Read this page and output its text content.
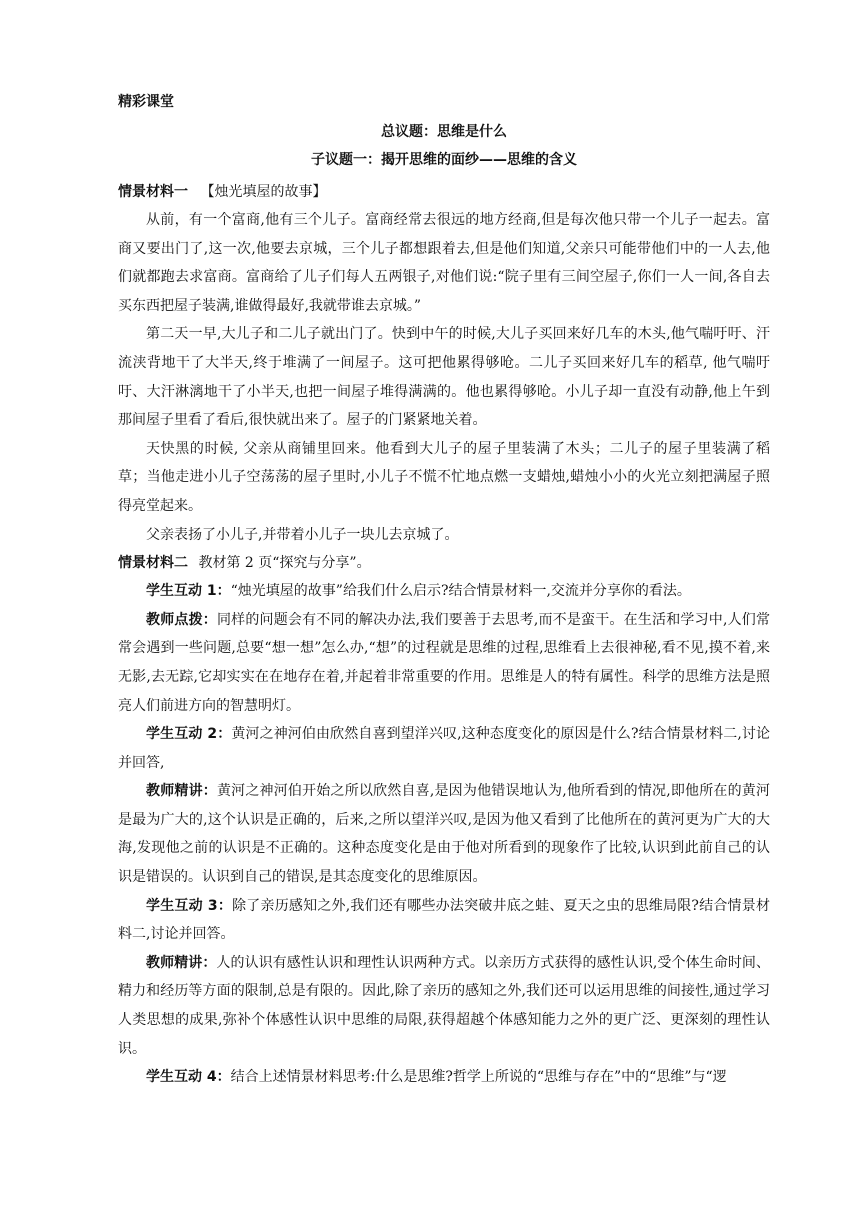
精彩课堂
总议题：思维是什么
子议题一：揭开思维的面纱——思维的含义
情景材料一 【烛光填屋的故事】

从前，有一个富商,他有三个儿子。富商经常去很远的地方经商,但是每次他只带一个儿子一起去。富商又要出门了,这一次,他要去京城，三个儿子都想跟着去,但是他们知道,父亲只可能带他们中的一人去,他们就都跑去求富商。富商给了儿子们每人五两银子,对他们说:“院子里有三间空屋子,你们一人一间,各自去买东西把屋子装满,谁做得最好,我就带谁去京城。”

第二天一早,大儿子和二儿子就出门了。快到中午的时候,大儿子买回来好几车的木头,他气喘吁吁、汗流浃背地干了大半天,终于堆满了一间屋子。这可把他累得够呛。二儿子买回来好几车的稻草, 他气喘吁吁、大汗淋漓地干了小半天,也把一间屋子堆得满满的。他也累得够呛。小儿子却一直没有动静,他上午到那间屋子里看了看后,很快就出来了。屋子的门紧紧地关着。

天快黑的时候, 父亲从商铺里回来。他看到大儿子的屋子里装满了木头；二儿子的屋子里装满了稻草；当他走进小儿子空荡荡的屋子里时,小儿子不慌不忙地点燃一支蜡烛,蜡烛小小的火光立刻把满屋子照得亮堂起来。

父亲表扬了小儿子,并带着小儿子一块儿去京城了。

情景材料二 教材第 2 页“探究与分享”。

学生互动 1：“烛光填屋的故事”给我们什么启示?结合情景材料一,交流并分享你的看法。

教师点拨：同样的问题会有不同的解决办法,我们要善于去思考,而不是蛮干。在生活和学习中,人们常常会遇到一些问题,总要“想一想”怎么办,“想”的过程就是思维的过程,思维看上去很神秘,看不见,摸不着,来无影,去无踪,它却实实在在地存在着,并起着非常重要的作用。思维是人的特有属性。科学的思维方法是照亮人们前进方向的智慧明灯。

学生互动 2：黄河之神河伯由欣然自喜到望洋兴叹,这种态度变化的原因是什么?结合情景材料二,讨论并回答,

教师精讲：黄河之神河伯开始之所以欣然自喜,是因为他错误地认为,他所看到的情况,即他所在的黄河是最为广大的,这个认识是正确的，后来,之所以望洋兴叹,是因为他又看到了比他所在的黄河更为广大的大海,发现他之前的认识是不正确的。这种态度变化是由于他对所看到的现象作了比较,认识到此前自己的认识是错误的。认识到自己的错误,是其态度变化的思维原因。

学生互动 3：除了亲历感知之外,我们还有哪些办法突破井底之蛙、夏天之虫的思维局限?结合情景材料二,讨论并回答。

教师精讲：人的认识有感性认识和理性认识两种方式。以亲历方式获得的感性认识,受个体生命时间、精力和经历等方面的限制,总是有限的。因此,除了亲历的感知之外,我们还可以运用思维的间接性,通过学习人类思想的成果,弥补个体感性认识中思维的局限,获得超越个体感知能力之外的更广泛、更深刻的理性认识。

学生互动 4：结合上述情景材料思考:什么是思维?哲学上所说的“思维与存在”中的“思维”与“逻
